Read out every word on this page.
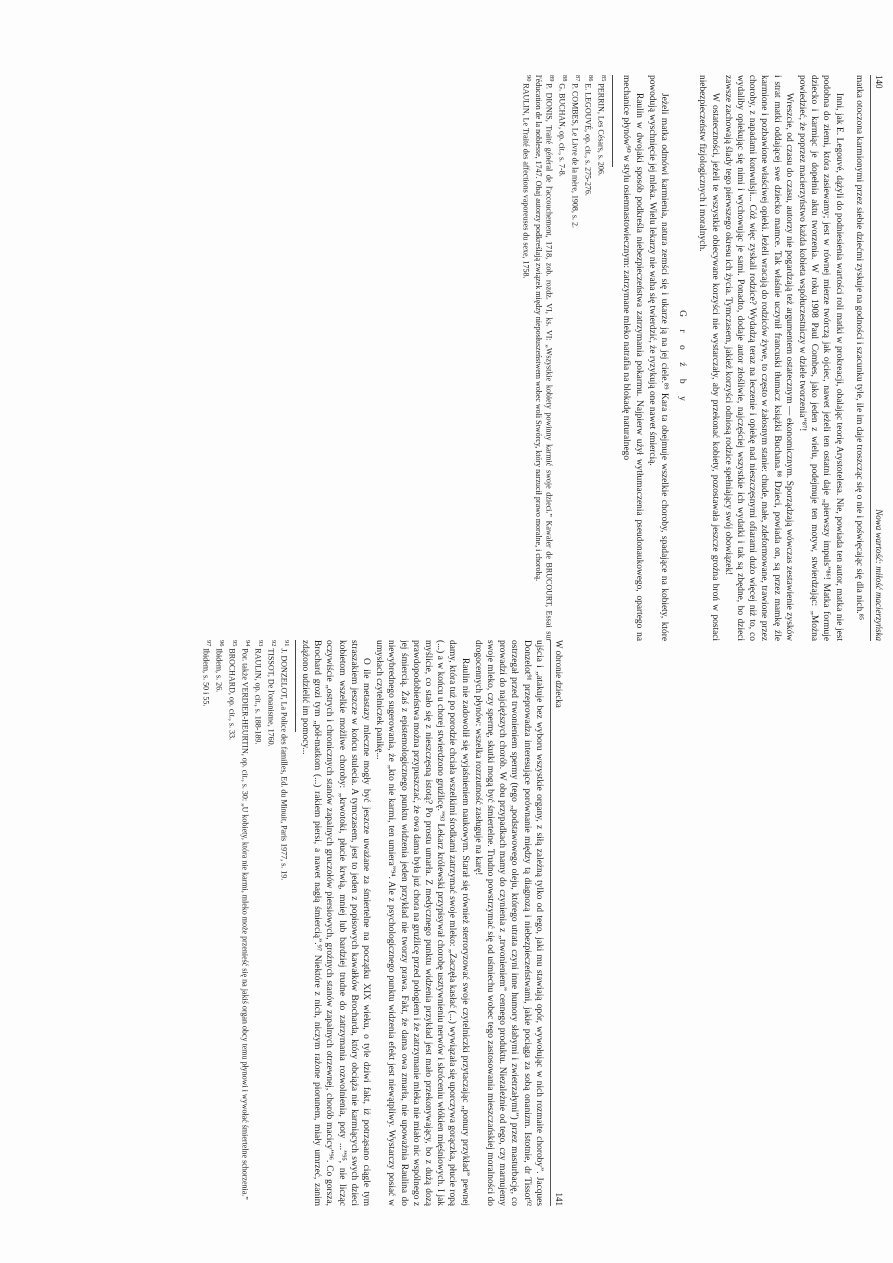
140
Nowa wartość: miłość macierzyńska

matka otoczona karmionymi przez siebie dziećmi zyskuje na godności i szacunku tyle, ile im daje troszcząc się o nie i poświęcając się dla nich.⁸⁵

Inni, jak E. Legouvé, dążyli do podniesienia wartości roli matki w prokreacji, obalając teorię Arystotelesa. Nie, powiada ten autor, matka nie jest podobna do ziemi, która zasiewamy; jest w równej mierze twórczą jak ojciec, nawet jeżeli ten ostatni daje „pierwszy impuls”⁸⁶! Matka formuje dziecko i karmiąc je dopełnia aktu tworzenia. W roku 1908 Paul Combes, jako jeden z wielu, podejmuje ten motyw, stwierdzając: „Można powiedzieć, że poprzez macierzyństwo każda kobieta współuczestniczy w dziele tworzenia”⁸⁷!

Wreszcie, od czasu do czasu, autorzy nie pogardzają też argumentem ostatecznym — ekonomicznym. Sporządzają wówczas zestawienie zysków i strat matki oddającej swe dziecko mamce. Tak właśnie uczynił francuski tłumacz książki Buchana.⁸⁸ Dzieci, powiada on, są przez mamkę źle karmione i pozbawione właściwej opieki. Jeżeli wracają do rodziców żywe, to często w żałosnym stanie: chude, małe, zdeformowane, trawione przez choroby, z napadami konwulsji... Cóż więc zyskali rodzice? Wydadzą teraz na leczenie i opiekę nad nieszczęsnymi ofiarami dużo więcej niż to, co wydaliby opiekując się nimi i wychowując je sami. Ponadto, dodaje autor złośliwie, najczęściej wszystkie ich wydatki i tak są zbędne, bo dzieci zawsze zachowają ślady tego pierwszego okresu ich życia. Tymczasem, jakież korzyści odniosą rodzice spełniający swój obowiązek!

W ostateczności, jeżeli te wszystkie obiecywane korzyści nie wystarczały, aby przekonać kobiety, pozostawała jeszcze groźna broń w postaci niebezpieczeństw fizjologicznych i moralnych.

G r o ź b y

Jeżeli matka odmówi karmienia, natura zemści się i ukarze ją na jej ciele.⁸⁹ Kara ta obejmuje wszelkie choroby, spadające na kobiety, które powodują wyschnięcie jej mleka. Wielu lekarzy nie waha się twierdzić, że ryzykują one nawet śmiercią.

Raulin w dwojaki sposób podkreśla niebezpieczeństwa zatrzymania pokarmu. Najpierw użył wytłumaczenia pseudonaukowego, opartego na mechanice płynów⁹⁰ w stylu osiemnastowiecznym: zatrzymane mleko natrafia na blokadę naturalnego

$^{85}$PERRIN, Les Césars, s. 206.

$^{86}$E. LEGOUVÉ, op. cit., s. 275-276.

$^{87}$P. COMBES, Le Livre de la mère, 1908, s. 2.

$^{88}$G. BUCHAN, op. cit., s. 7-8.

$^{89}$P. DIONIS, Traité général de l'accouchement, 1718, zob. rozdz. VI, ks. VI: „Wszystkie kobiety powinny karmić swoje dzieci.” Kawaler de BRUCOURT, Essai sur l'éducation de la noblesse, 1747. Obaj autorzy podkreślają związek między nieposłuszeństwem wobec woli Stwórcy, który narzucił prawo moralne, i chorobą.

$^{90}$RAULIN, Le Traité des affections vaporeuses du sexe, 1758.

W obronie dziecka
141

ujścia i „atakuje bez wyboru wszystkie organy, z siłą zależną tylko od tego, jaki mu stawiają opór, wywołując w nich rozmaite choroby”. Jacques Donzelot⁹¹ przeprowadza interesujące porównanie między tą diagnozą i niebezpieczeństwami, jakie pociąga za sobą onanizm. Istotnie, dr Tissot⁹² ostrzegał przed trwonieniem spermy (tego „podstawowego oleju, którego utrata czyni inne humory słabymi i zwietrzałymi”) przez masturbację, co prowadzi do najcięższych chorób. W obu przypadkach mamy do czynienia z „trwonieniem” cennego produktu. Niezależnie od tego, czy marnujemy swoje mleko, czy spermę, skutki mogą być śmiertelne. Trudno powstrzymać się od uśmiechu wobec tego zastosowania mieszczańskiej moralności do drogocennych płynów: wszelka rozrzutność zasługuje na karę!

Raulin nie zadowolił się wyjaśnieniem naukowym. Starał się również sterroryzować swoje czytelniczki przytaczając „ponury przykład” pewnej damy, która tuż po porodzie chciała wszelkimi środkami zatrzymać swoje mleko: „Zaczęła kasłać (...) wywiązała się uporczywa gorączka, płucie ropą (...) a w końcu u chorej stwierdzono gruźlicę.”⁹³ Lekarz królewski przypisywał chorobę usztywnieniu nerwów i skróceniu włókien mięśniowych. I jak myślicie, co stało się z nieszczęsną istotą? Po prostu umarła. Z medycznego punktu widzenia przykład jest mało przekonywający, bo z dużą dozą prawdopodobieństwa można przypuszczać, że owa dama była już chora na gruźlicę przed połogiem i że zatrzymanie mleka nie miało nic wspólnego z jej śmiercią. Żaś z epistemologicznego punktu widzenia jeden przykład nie tworzy prawa. Fakt, że dama owa zmarła, nie upoważnia Raulina do niewybrednego sugerowania, że „kto nie karmi, ten umiera”⁹⁴. Ale z psychologicznego punktu widzenia efekt jest niewątpliwy. Wystarczy posiać w umysłach czytelniczek panikę...

O ile metastazy mleczne mogły być jeszcze uważane za śmiertelne na początku XIX wieku, o tyle dziwi fakt, iż potrząsano ciągle tym straszakiem jeszcze w końcu stulecia. A tymczasem, jest to jeden z popisowych kawałków Brocharda, który obciąża nie karmiących swych dzieci kobietom wszelkie możliwe choroby: „krwotoki, płucie krwią, mniej lub bardziej trudne do zatrzymania rozwolnienia, poty ...”⁹⁵, nie licząc oczywiście „ostrych i chronicznych stanów zapalnych gruczołów piersiowych, groźnych stanów zapalnych otrzewnej, chorób macicy”⁹⁶. Co gorsza, Brochard grozi tym „pół-matkom (...) rakiem piersi, a nawet nagłą śmiercią”.⁹⁷ Niektóre z nich, niczym rażone piorunem, miały umrzeć, zanim zdążono udzielić im pomocy...

$^{91}$J. DONZELOT, La Police des familles, Ed. du Minuit, Paris 1977, s. 19.

$^{92}$TISSOT, De l'onanisme, 1760.

$^{93}$RAULIN, op. cit., s. 188-189.

$^{94}$Por. także VERDIER-HEURTIN, op. cit., s. 30: „U kobiety, która nie karmi, mleko może przenieść się na jakiś organ obcy temu płynowi i wywołać śmiertelne schorzenia.”

$^{95}$BROCHARD, op. cit., s. 33.

$^{96}$Ibidem, s. 26.

$^{97}$Ibidem, s. 50 i 55.
